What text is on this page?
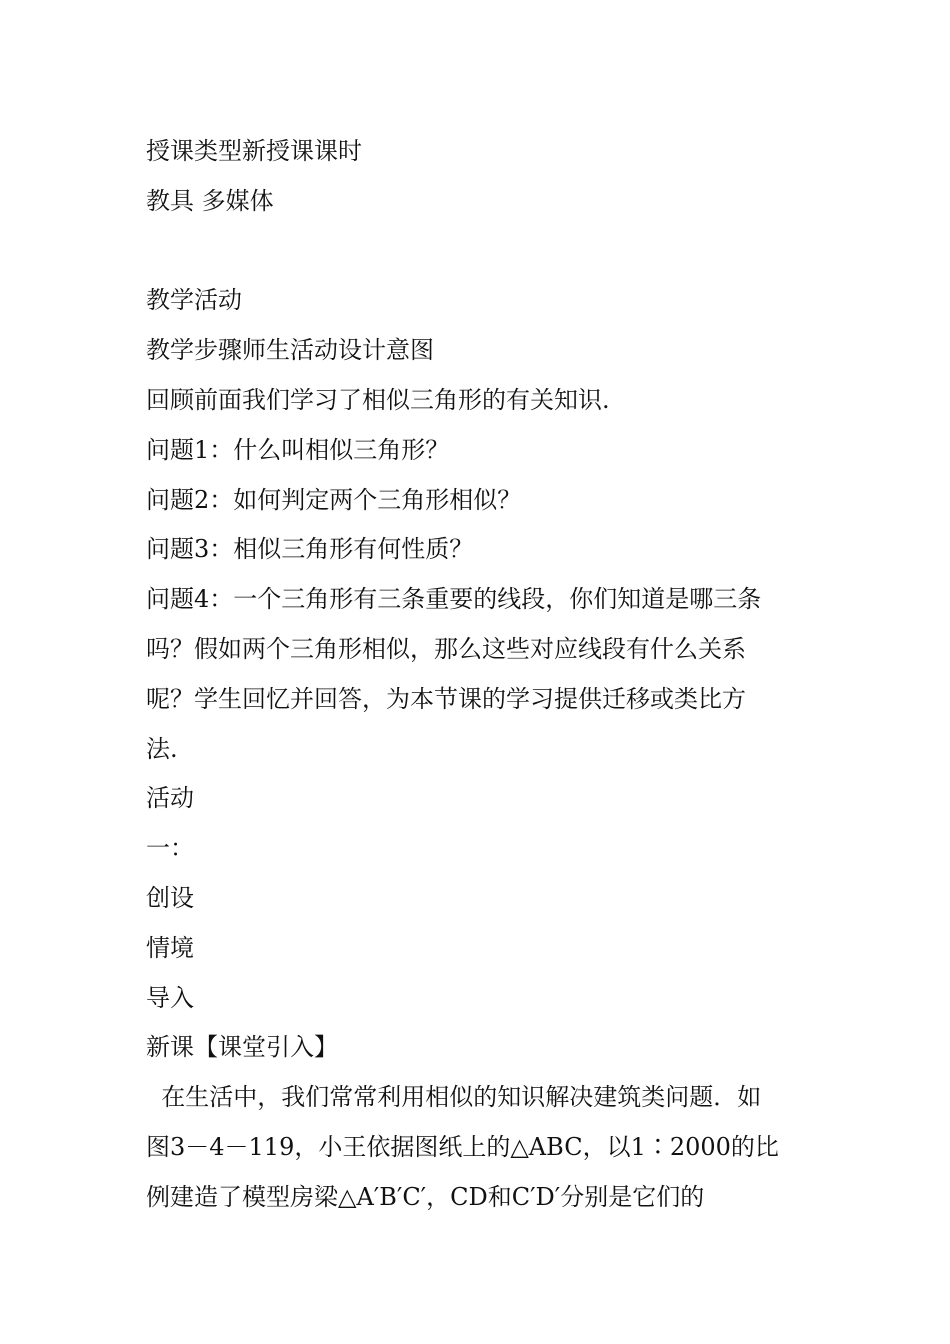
授课类型新授课课时
教具 多媒体
教学活动
教学步骤师生活动设计意图
回顾前面我们学习了相似三角形的有关知识.
问题1：什么叫相似三角形？
问题2：如何判定两个三角形相似？
问题3：相似三角形有何性质？
问题4：一个三角形有三条重要的线段，你们知道是哪三条
吗？假如两个三角形相似，那么这些对应线段有什么关系
呢？学生回忆并回答，为本节课的学习提供迁移或类比方
法.
活动
一：
创设
情境
导入
新课【课堂引入】
在生活中，我们常常利用相似的知识解决建筑类问题．如
图3－4－119，小王依据图纸上的△ABC，以1∶2000的比
例建造了模型房梁△A′B′C′，CD和C′D′分别是它们的
